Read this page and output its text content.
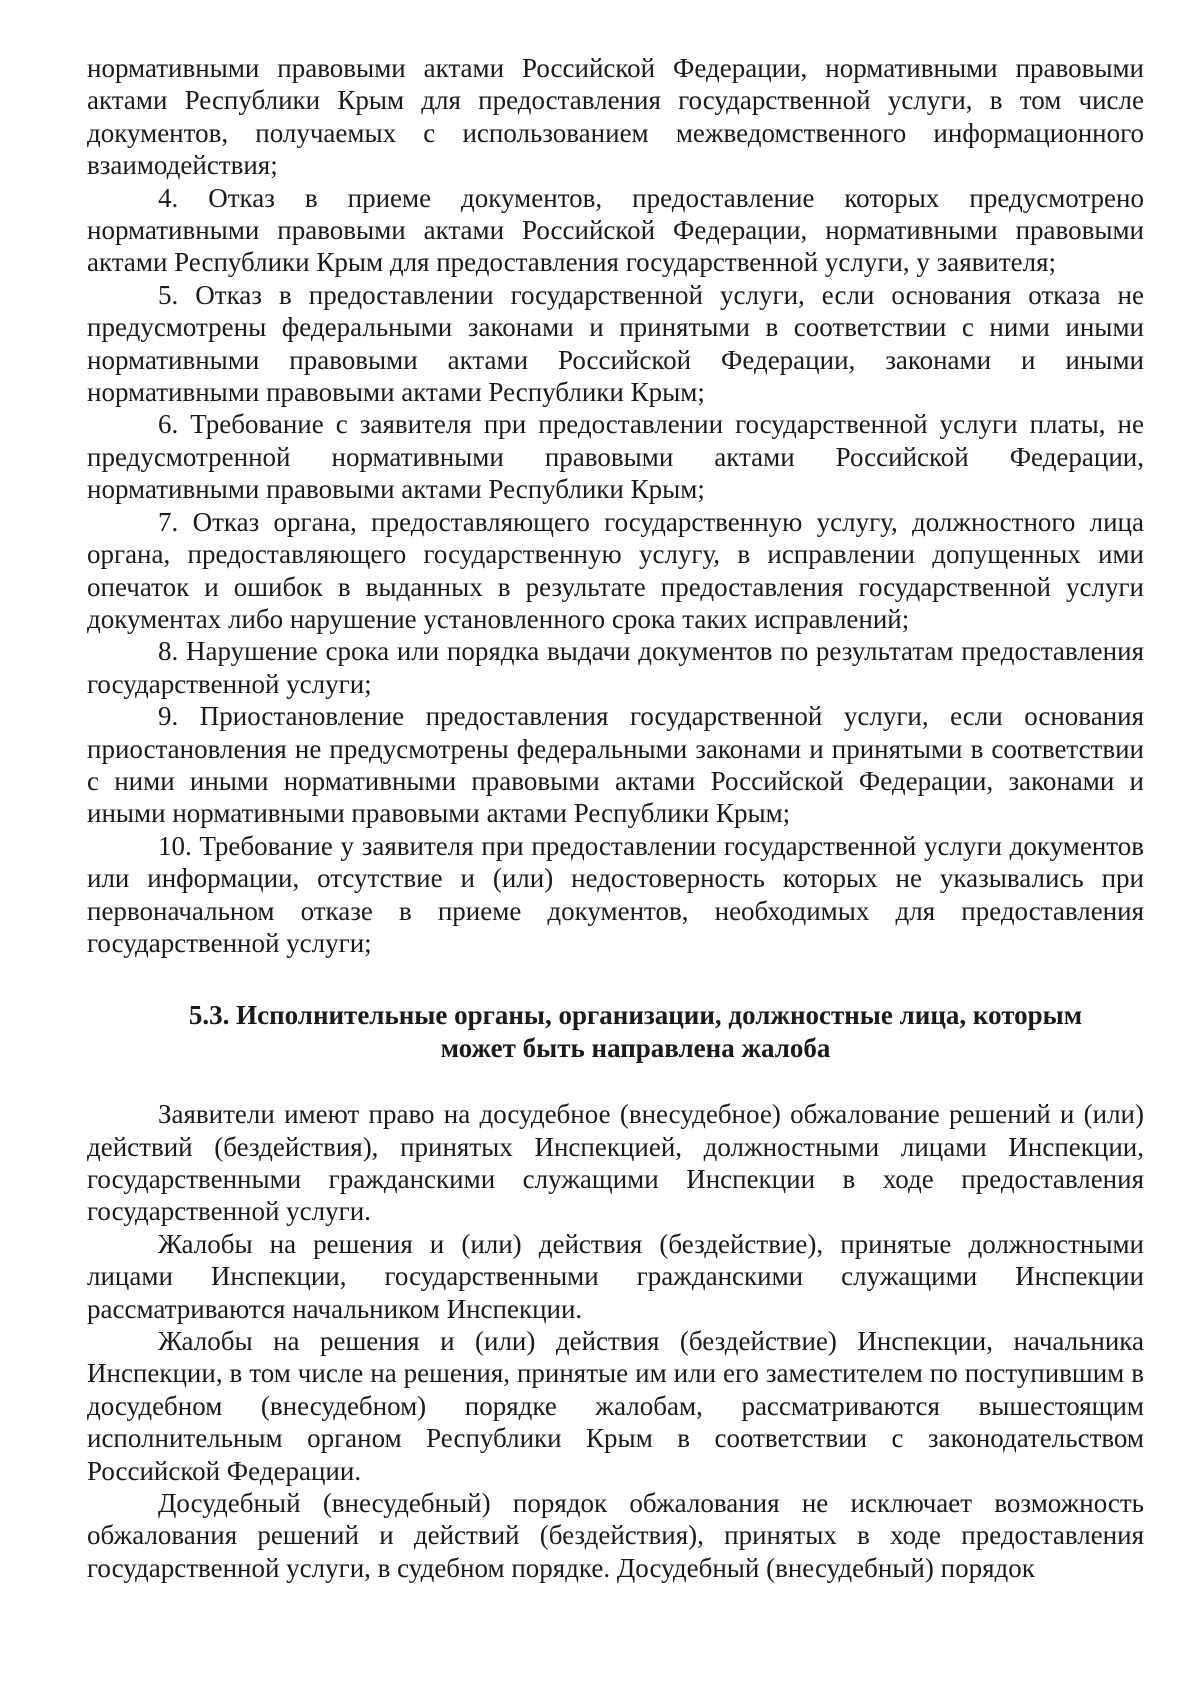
нормативными правовыми актами Российской Федерации, нормативными правовыми актами Республики Крым для предоставления государственной услуги, в том числе документов, получаемых с использованием межведомственного информационного взаимодействия;

4. Отказ в приеме документов, предоставление которых предусмотрено нормативными правовыми актами Российской Федерации, нормативными правовыми актами Республики Крым для предоставления государственной услуги, у заявителя;

5. Отказ в предоставлении государственной услуги, если основания отказа не предусмотрены федеральными законами и принятыми в соответствии с ними иными нормативными правовыми актами Российской Федерации, законами и иными нормативными правовыми актами Республики Крым;

6. Требование с заявителя при предоставлении государственной услуги платы, не предусмотренной нормативными правовыми актами Российской Федерации, нормативными правовыми актами Республики Крым;

7. Отказ органа, предоставляющего государственную услугу, должностного лица органа, предоставляющего государственную услугу, в исправлении допущенных ими опечаток и ошибок в выданных в результате предоставления государственной услуги документах либо нарушение установленного срока таких исправлений;

8. Нарушение срока или порядка выдачи документов по результатам предоставления государственной услуги;

9. Приостановление предоставления государственной услуги, если основания приостановления не предусмотрены федеральными законами и принятыми в соответствии с ними иными нормативными правовыми актами Российской Федерации, законами и иными нормативными правовыми актами Республики Крым;

10. Требование у заявителя при предоставлении государственной услуги документов или информации, отсутствие и (или) недостоверность которых не указывались при первоначальном отказе в приеме документов, необходимых для предоставления государственной услуги;

5.3. Исполнительные органы, организации, должностные лица, которым
может быть направлена жалоба

Заявители имеют право на досудебное (внесудебное) обжалование решений и (или) действий (бездействия), принятых Инспекцией, должностными лицами Инспекции, государственными гражданскими служащими Инспекции в ходе предоставления государственной услуги.

Жалобы на решения и (или) действия (бездействие), принятые должностными лицами Инспекции, государственными гражданскими служащими Инспекции рассматриваются начальником Инспекции.

Жалобы на решения и (или) действия (бездействие) Инспекции, начальника Инспекции, в том числе на решения, принятые им или его заместителем по поступившим в досудебном (внесудебном) порядке жалобам, рассматриваются вышестоящим исполнительным органом Республики Крым в соответствии с законодательством Российской Федерации.

Досудебный (внесудебный) порядок обжалования не исключает возможность обжалования решений и действий (бездействия), принятых в ходе предоставления государственной услуги, в судебном порядке. Досудебный (внесудебный) порядок
